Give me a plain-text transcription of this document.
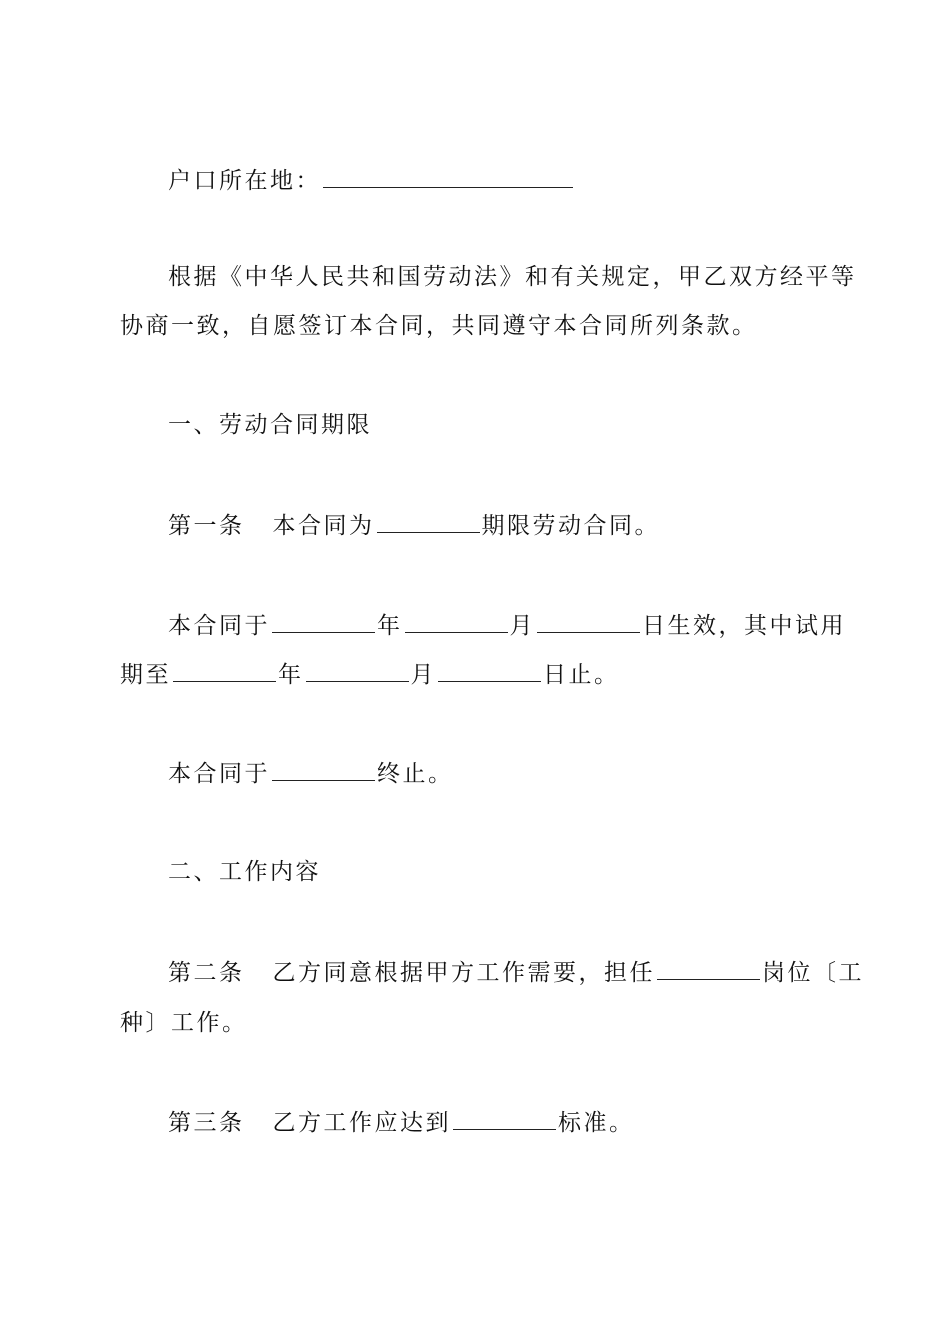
户口所在地：
根据《中华人民共和国劳动法》和有关规定，甲乙双方经平等
协商一致，自愿签订本合同，共同遵守本合同所列条款。
一、劳动合同期限
第一条 本合同为	期限劳动合同。
本合同于	年	月	日生效，其中试用
期至	年	月	日止。
本合同于	终止。
二、工作内容
第二条 乙方同意根据甲方工作需要，担任	岗位〔工
种〕工作。
第三条 乙方工作应达到	标准。
